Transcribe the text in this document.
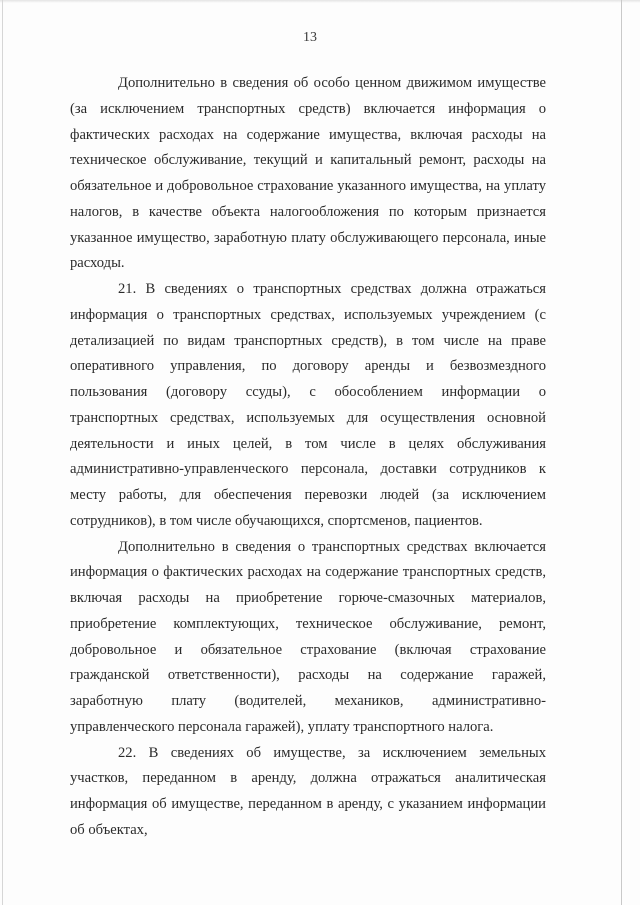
13

Дополнительно в сведения об особо ценном движимом имуществе (за исключением транспортных средств) включается информация о фактических расходах на содержание имущества, включая расходы на техническое обслуживание, текущий и капитальный ремонт, расходы на обязательное и добровольное страхование указанного имущества, на уплату налогов, в качестве объекта налогообложения по которым признается указанное имущество, заработную плату обслуживающего персонала, иные расходы.

21. В сведениях о транспортных средствах должна отражаться информация о транспортных средствах, используемых учреждением (с детализацией по видам транспортных средств), в том числе на праве оперативного управления, по договору аренды и безвозмездного пользования (договору ссуды), с обособлением информации о транспортных средствах, используемых для осуществления основной деятельности и иных целей, в том числе в целях обслуживания административно-управленческого персонала, доставки сотрудников к месту работы, для обеспечения перевозки людей (за исключением сотрудников), в том числе обучающихся, спортсменов, пациентов.

Дополнительно в сведения о транспортных средствах включается информация о фактических расходах на содержание транспортных средств, включая расходы на приобретение горюче-смазочных материалов, приобретение комплектующих, техническое обслуживание, ремонт, добровольное и обязательное страхование (включая страхование гражданской ответственности), расходы на содержание гаражей, заработную плату (водителей, механиков, административно-управленческого персонала гаражей), уплату транспортного налога.

22. В сведениях об имуществе, за исключением земельных участков, переданном в аренду, должна отражаться аналитическая информация об имуществе, переданном в аренду, с указанием информации об объектах,
